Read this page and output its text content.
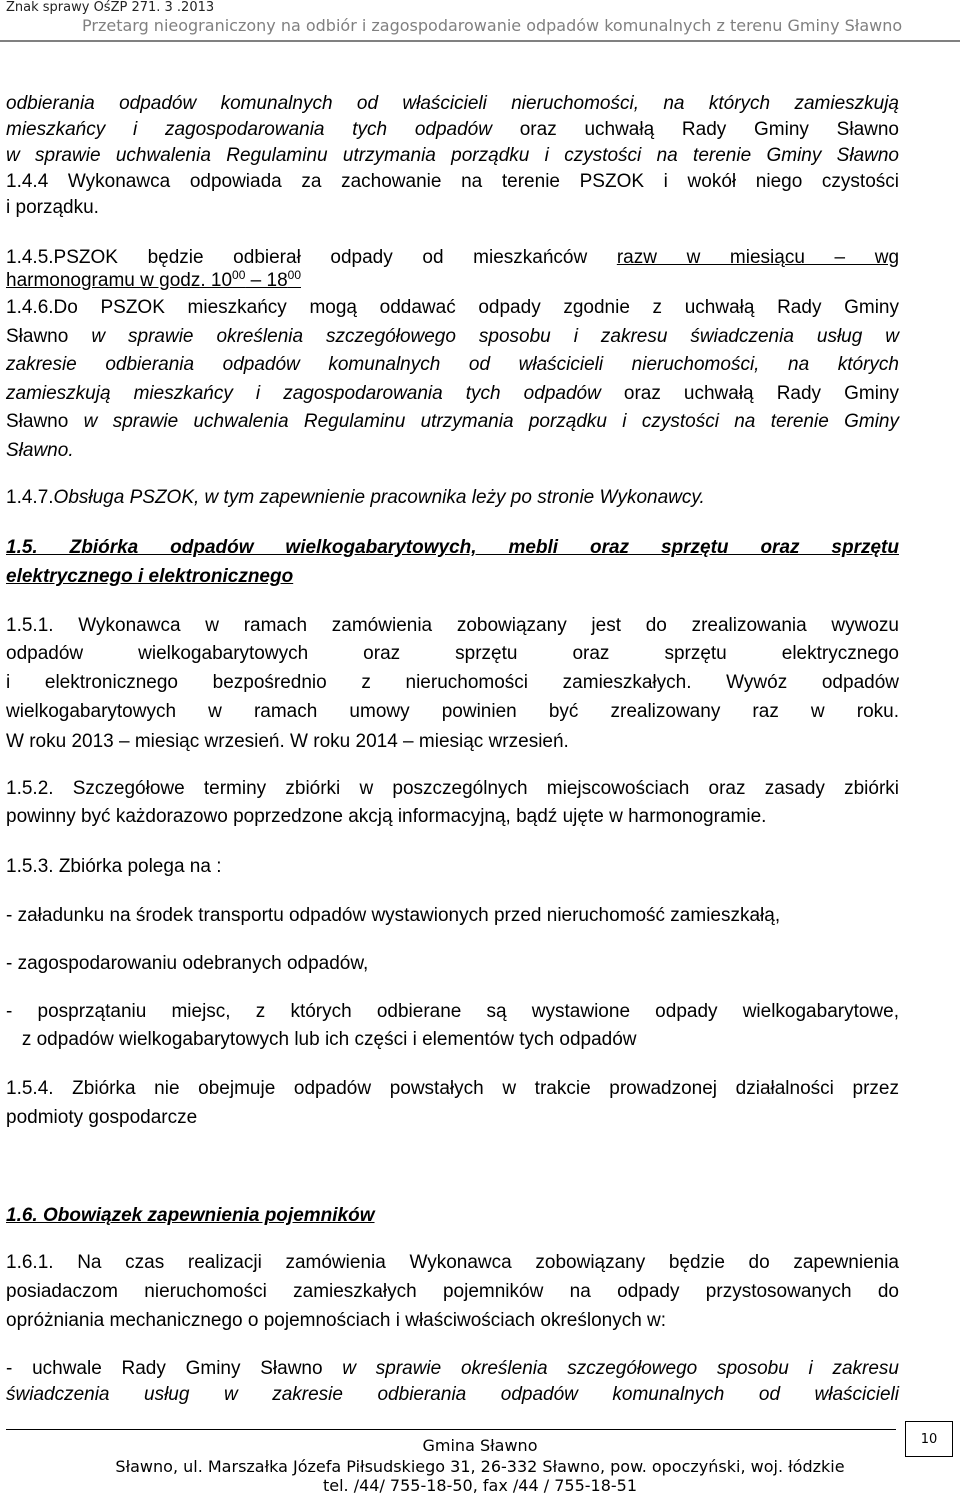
Znak sprawy OśZP 271. 3 .2013
Przetarg nieograniczony na odbiór i zagospodarowanie odpadów komunalnych z terenu Gminy Sławno
odbierania odpadów komunalnych od właścicieli nieruchomości, na których zamieszkują
mieszkańcy i zagospodarowania tych odpadów oraz uchwałą Rady Gminy Sławno
w sprawie uchwalenia Regulaminu utrzymania porządku i czystości na terenie Gminy Sławno
1.4.4 Wykonawca odpowiada za zachowanie na terenie PSZOK i wokół niego czystości
i porządku.
1.4.5.PSZOK będzie odbierał odpady od mieszkańców razw w miesiącu – wg
harmonogramu w godz. $10^{00} - 18^{00}$
1.4.6.Do PSZOK mieszkańcy mogą oddawać odpady zgodnie z uchwałą Rady Gminy
Sławno w sprawie określenia szczegółowego sposobu i zakresu świadczenia usług w
zakresie odbierania odpadów komunalnych od właścicieli nieruchomości, na których
zamieszkują mieszkańcy i zagospodarowania tych odpadów oraz uchwałą Rady Gminy
Sławno w sprawie uchwalenia Regulaminu utrzymania porządku i czystości na terenie Gminy
Sławno.
1.4.7.Obsługa PSZOK, w tym zapewnienie pracownika leży po stronie Wykonawcy.
1.5. Zbiórka odpadów wielkogabarytowych, mebli oraz sprzętu oraz sprzętu
elektrycznego i elektronicznego
1.5.1. Wykonawca w ramach zamówienia zobowiązany jest do zrealizowania wywozu
odpadów wielkogabarytowych oraz sprzętu oraz sprzętu elektrycznego
i elektronicznego bezpośrednio z nieruchomości zamieszkałych. Wywóz odpadów
wielkogabarytowych w ramach umowy powinien być zrealizowany raz w roku.
W roku 2013 – miesiąc wrzesień. W roku 2014 – miesiąc wrzesień.
1.5.2. Szczegółowe terminy zbiórki w poszczególnych miejscowościach oraz zasady zbiórki
powinny być każdorazowo poprzedzone akcją informacyjną, bądź ujęte w harmonogramie.
1.5.3. Zbiórka polega na :
- załadunku na środek transportu odpadów wystawionych przed nieruchomość zamieszkałą,
- zagospodarowaniu odebranych odpadów,
- posprzątaniu miejsc, z których odbierane są wystawione odpady wielkogabarytowe,
z odpadów wielkogabarytowych lub ich części i elementów tych odpadów
1.5.4. Zbiórka nie obejmuje odpadów powstałych w trakcie prowadzonej działalności przez
podmioty gospodarcze
1.6. Obowiązek zapewnienia pojemników
1.6.1. Na czas realizacji zamówienia Wykonawca zobowiązany będzie do zapewnienia
posiadaczom nieruchomości zamieszkałych pojemników na odpady przystosowanych do
opróżniania mechanicznego o pojemnościach i właściwościach określonych w:
- uchwale Rady Gminy Sławno w sprawie określenia szczegółowego sposobu i zakresu
świadczenia usług w zakresie odbierania odpadów komunalnych od właścicieli
Gmina Sławno
Sławno, ul. Marszałka Józefa Piłsudskiego 31, 26-332 Sławno, pow. opoczyński, woj. łódzkie
tel. /44/ 755-18-50, fax /44 / 755-18-51
10
